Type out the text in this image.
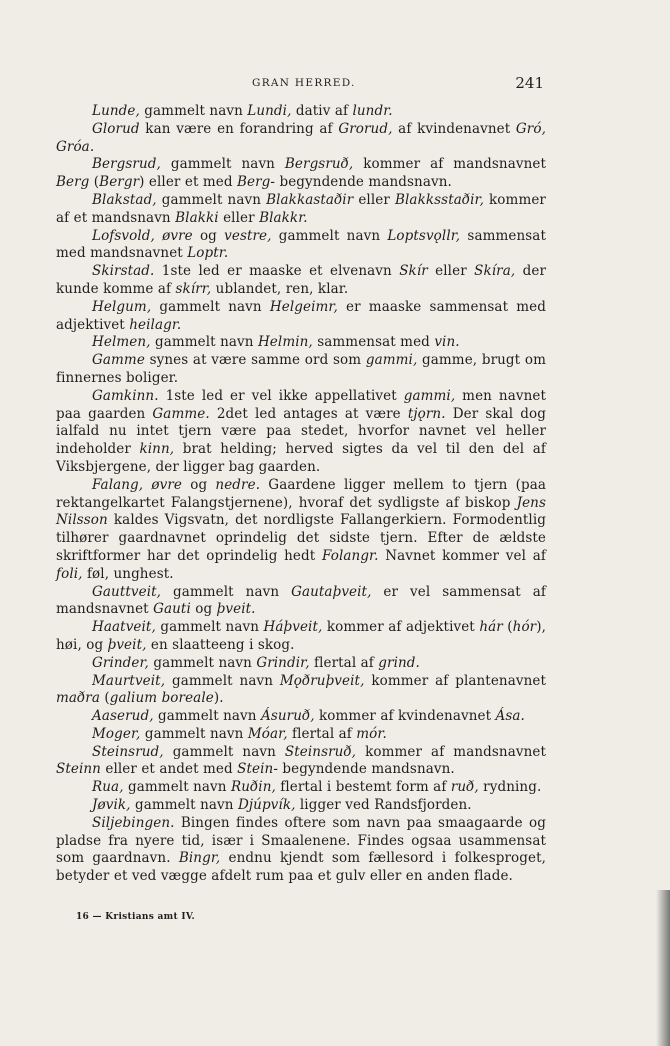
GRAN HERRED.	241

Lunde, gammelt navn Lundi, dativ af lundr.

Glorud kan være en forandring af Grorud, af kvindenavnet Gró, Gróa.

Bergsrud, gammelt navn Bergsruð, kommer af mandsnavnet Berg (Bergr) eller et med Berg- begyndende mandsnavn.

Blakstad, gammelt navn Blakkastaðir eller Blakksstaðir, kommer af et mandsnavn Blakki eller Blakkr.

Lofsvold, øvre og vestre, gammelt navn Loptsvǫllr, sammensat med mandsnavnet Loptr.

Skirstad. 1ste led er maaske et elvenavn Skír eller Skíra, der kunde komme af skírr, ublandet, ren, klar.

Helgum, gammelt navn Helgeimr, er maaske sammensat med adjektivet heilagr.

Helmen, gammelt navn Helmin, sammensat med vin.

Gamme synes at være samme ord som gammi, gamme, brugt om finnernes boliger.

Gamkinn. 1ste led er vel ikke appellativet gammi, men navnet paa gaarden Gamme. 2det led antages at være tjǫrn. Der skal dog ialfald nu intet tjern være paa stedet, hvorfor navnet vel heller indeholder kinn, brat helding; herved sigtes da vel til den del af Viksbjergene, der ligger bag gaarden.

Falang, øvre og nedre. Gaardene ligger mellem to tjern (paa rektangelkartet Falangstjernene), hvoraf det sydligste af biskop Jens Nilsson kaldes Vigsvatn, det nordligste Fallangerkiern. Formodentlig tilhører gaardnavnet oprindelig det sidste tjern. Efter de ældste skriftformer har det oprindelig hedt Folangr. Navnet kommer vel af foli, føl, unghest.

Gauttveit, gammelt navn Gautaþveit, er vel sammensat af mandsnavnet Gauti og þveit.

Haatveit, gammelt navn Háþveit, kommer af adjektivet hár (hór), høi, og þveit, en slaatteeng i skog.

Grinder, gammelt navn Grindir, flertal af grind.

Maurtveit, gammelt navn Mǫðruþveit, kommer af plantenavnet maðra (galium boreale).

Aaserud, gammelt navn Ásuruð, kommer af kvindenavnet Ása.

Moger, gammelt navn Móar, flertal af mór.

Steinsrud, gammelt navn Steinsruð, kommer af mandsnavnet Steinn eller et andet med Stein- begyndende mandsnavn.

Rua, gammelt navn Ruðin, flertal i bestemt form af ruð, rydning.

Jøvik, gammelt navn Djúpvík, ligger ved Randsfjorden.

Siljebingen. Bingen findes oftere som navn paa smaagaarde og pladse fra nyere tid, især i Smaalenene. Findes ogsaa usammensat som gaardnavn. Bingr, endnu kjendt som fællesord i folkesproget, betyder et ved vægge afdelt rum paa et gulv eller en anden flade.

16 — Kristians amt IV.
